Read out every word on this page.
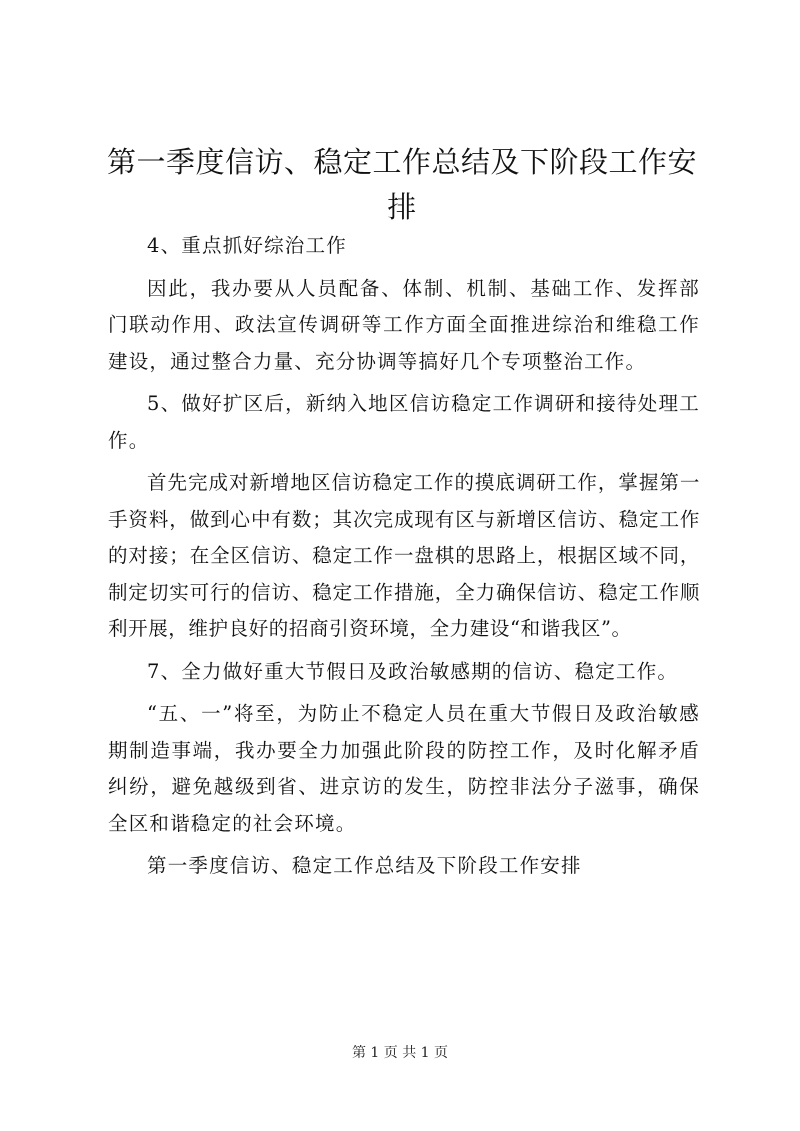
第一季度信访、稳定工作总结及下阶段工作安排

4、重点抓好综治工作

因此，我办要从人员配备、体制、机制、基础工作、发挥部门联动作用、政法宣传调研等工作方面全面推进综治和维稳工作建设，通过整合力量、充分协调等搞好几个专项整治工作。

5、做好扩区后，新纳入地区信访稳定工作调研和接待处理工作。

首先完成对新增地区信访稳定工作的摸底调研工作，掌握第一手资料，做到心中有数；其次完成现有区与新增区信访、稳定工作的对接；在全区信访、稳定工作一盘棋的思路上，根据区域不同，制定切实可行的信访、稳定工作措施，全力确保信访、稳定工作顺利开展，维护良好的招商引资环境，全力建设“和谐我区”。

7、全力做好重大节假日及政治敏感期的信访、稳定工作。

“五、一”将至，为防止不稳定人员在重大节假日及政治敏感期制造事端，我办要全力加强此阶段的防控工作，及时化解矛盾纠纷，避免越级到省、进京访的发生，防控非法分子滋事，确保全区和谐稳定的社会环境。

第一季度信访、稳定工作总结及下阶段工作安排

第 1 页 共 1 页
